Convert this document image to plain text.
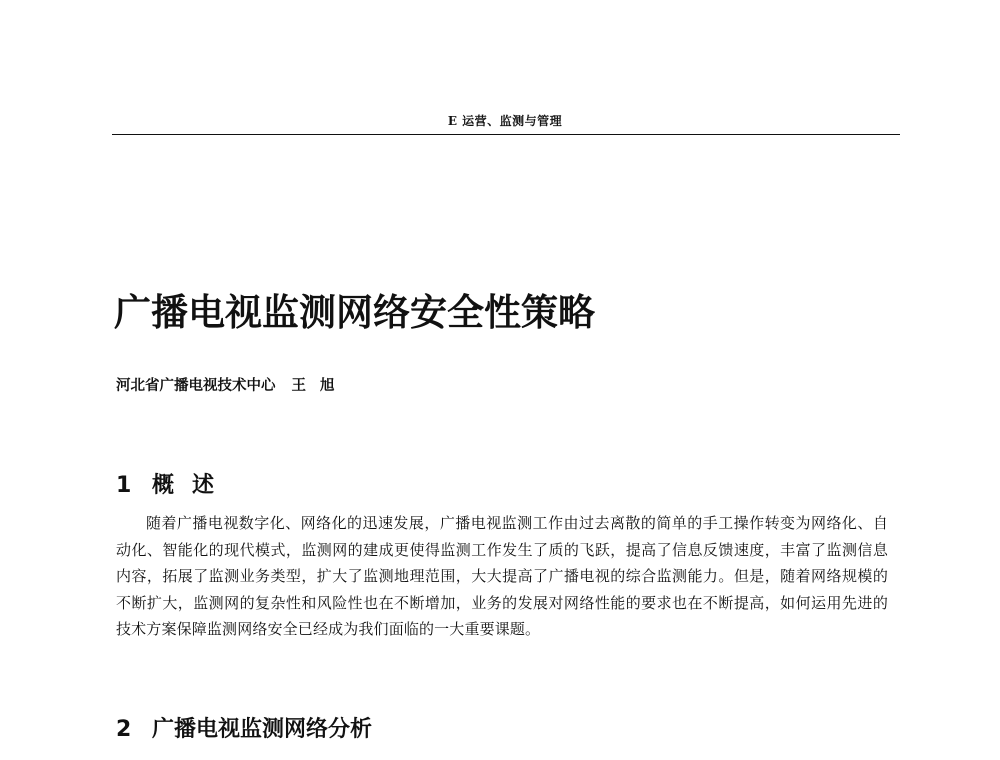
E 运营、监测与管理
广播电视监测网络安全性策略
河北省广播电视技术中心 王旭
1 概述
随着广播电视数字化、网络化的迅速发展，广播电视监测工作由过去离散的简单的手工操作转变为网络化、自动化、智能化的现代模式，监测网的建成更使得监测工作发生了质的飞跃，提高了信息反馈速度，丰富了监测信息内容，拓展了监测业务类型，扩大了监测地理范围，大大提高了广播电视的综合监测能力。但是，随着网络规模的不断扩大，监测网的复杂性和风险性也在不断增加，业务的发展对网络性能的要求也在不断提高，如何运用先进的技术方案保障监测网络安全已经成为我们面临的一大重要课题。
2 广播电视监测网络分析
